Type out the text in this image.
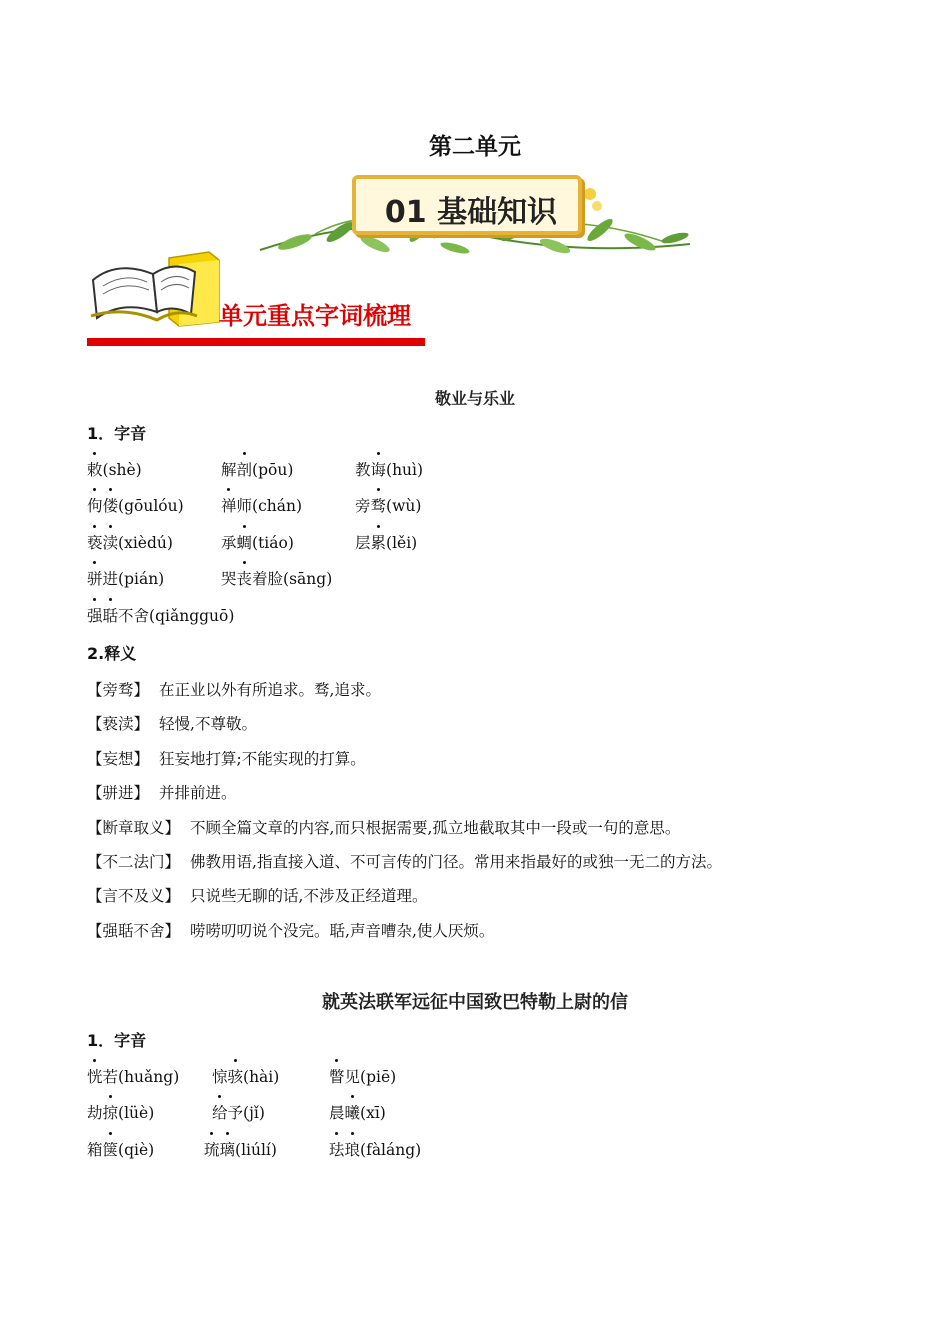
第二单元
01 基础知识
单元重点字词梳理
敬业与乐业
1．字音
敕(shè)	解剖(pōu)	教诲(huì)
佝偻(gōulóu) 禅师(chán)	旁骛(wù)
亵渎(xièdú)	承蜩(tiáo)	层累(lěi)
骈进(pián)	哭丧着脸(sāng)
强聒不舍(qiǎngguō)
2.释义
【旁骛】 在正业以外有所追求。骛,追求。
【亵渎】 轻慢,不尊敬。
【妄想】 狂妄地打算;不能实现的打算。
【骈进】 并排前进。
【断章取义】 不顾全篇文章的内容,而只根据需要,孤立地截取其中一段或一句的意思。
【不二法门】 佛教用语,指直接入道、不可言传的门径。常用来指最好的或独一无二的方法。
【言不及义】 只说些无聊的话,不涉及正经道理。
【强聒不舍】 唠唠叨叨说个没完。聒,声音嘈杂,使人厌烦。
就英法联军远征中国致巴特勒上尉的信
1．字音
恍若(huǎng) 惊骇(hài)	瞥见(piē)
劫掠(lüè)	给予(jǐ)	晨曦(xī)
箱箧(qiè)	琉璃(liúlí)	珐琅(fàláng)
